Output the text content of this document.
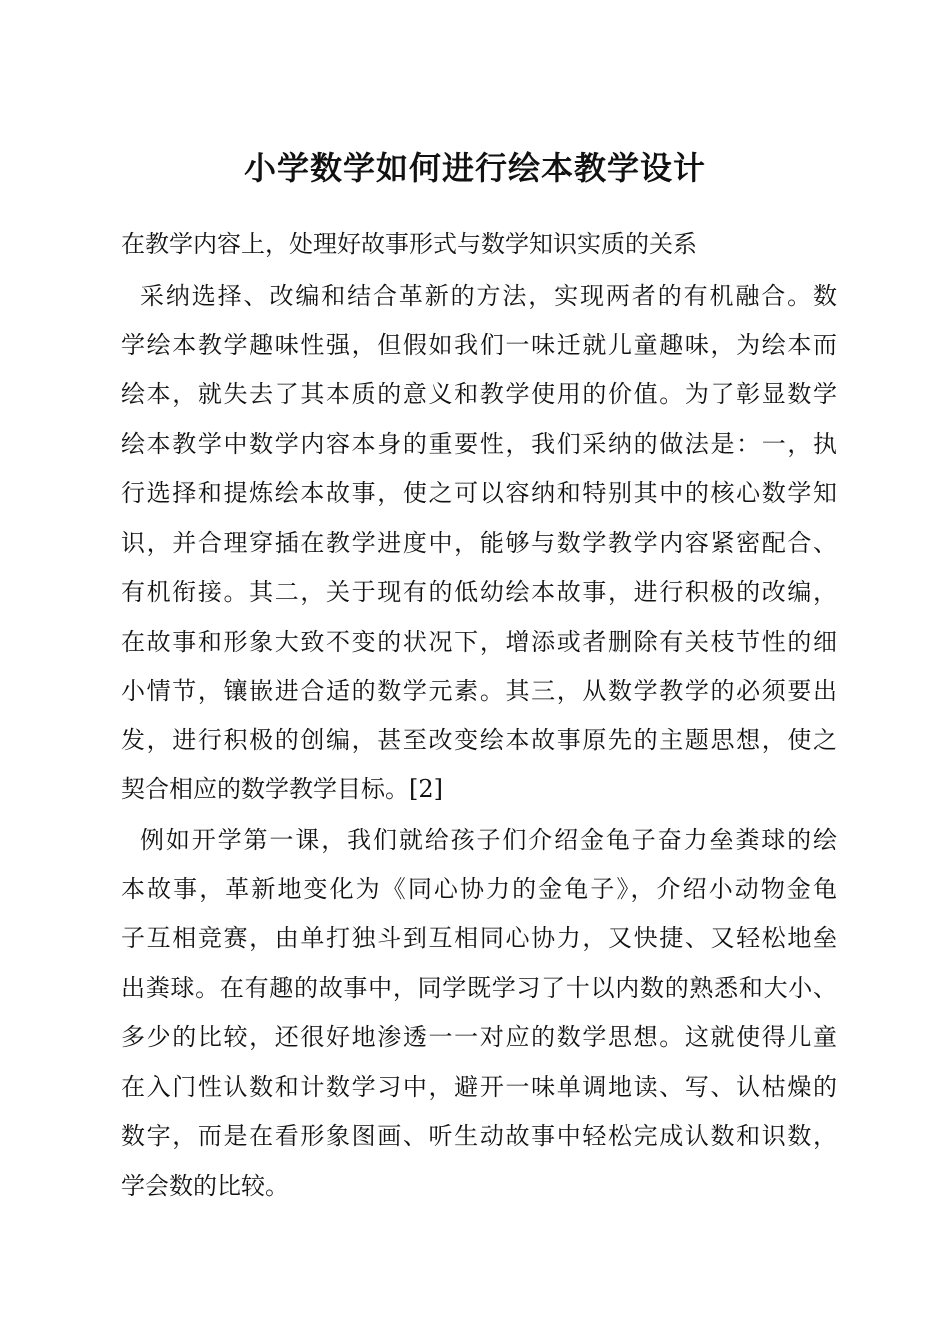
小学数学如何进行绘本教学设计
在教学内容上，处理好故事形式与数学知识实质的关系
采纳选择、改编和结合革新的方法，实现两者的有机融合。数
学绘本教学趣味性强，但假如我们一味迁就儿童趣味，为绘本而
绘本，就失去了其本质的意义和教学使用的价值。为了彰显数学
绘本教学中数学内容本身的重要性，我们采纳的做法是：一，执
行选择和提炼绘本故事，使之可以容纳和特别其中的核心数学知
识，并合理穿插在教学进度中，能够与数学教学内容紧密配合、
有机衔接。其二，关于现有的低幼绘本故事，进行积极的改编，
在故事和形象大致不变的状况下，增添或者删除有关枝节性的细
小情节，镶嵌进合适的数学元素。其三，从数学教学的必须要出
发，进行积极的创编，甚至改变绘本故事原先的主题思想，使之
契合相应的数学教学目标。[2]
例如开学第一课，我们就给孩子们介绍金龟子奋力垒粪球的绘
本故事，革新地变化为《同心协力的金龟子》，介绍小动物金龟
子互相竞赛，由单打独斗到互相同心协力，又快捷、又轻松地垒
出粪球。在有趣的故事中，同学既学习了十以内数的熟悉和大小、
多少的比较，还很好地渗透一一对应的数学思想。这就使得儿童
在入门性认数和计数学习中，避开一味单调地读、写、认枯燥的
数字，而是在看形象图画、听生动故事中轻松完成认数和识数，
学会数的比较。
